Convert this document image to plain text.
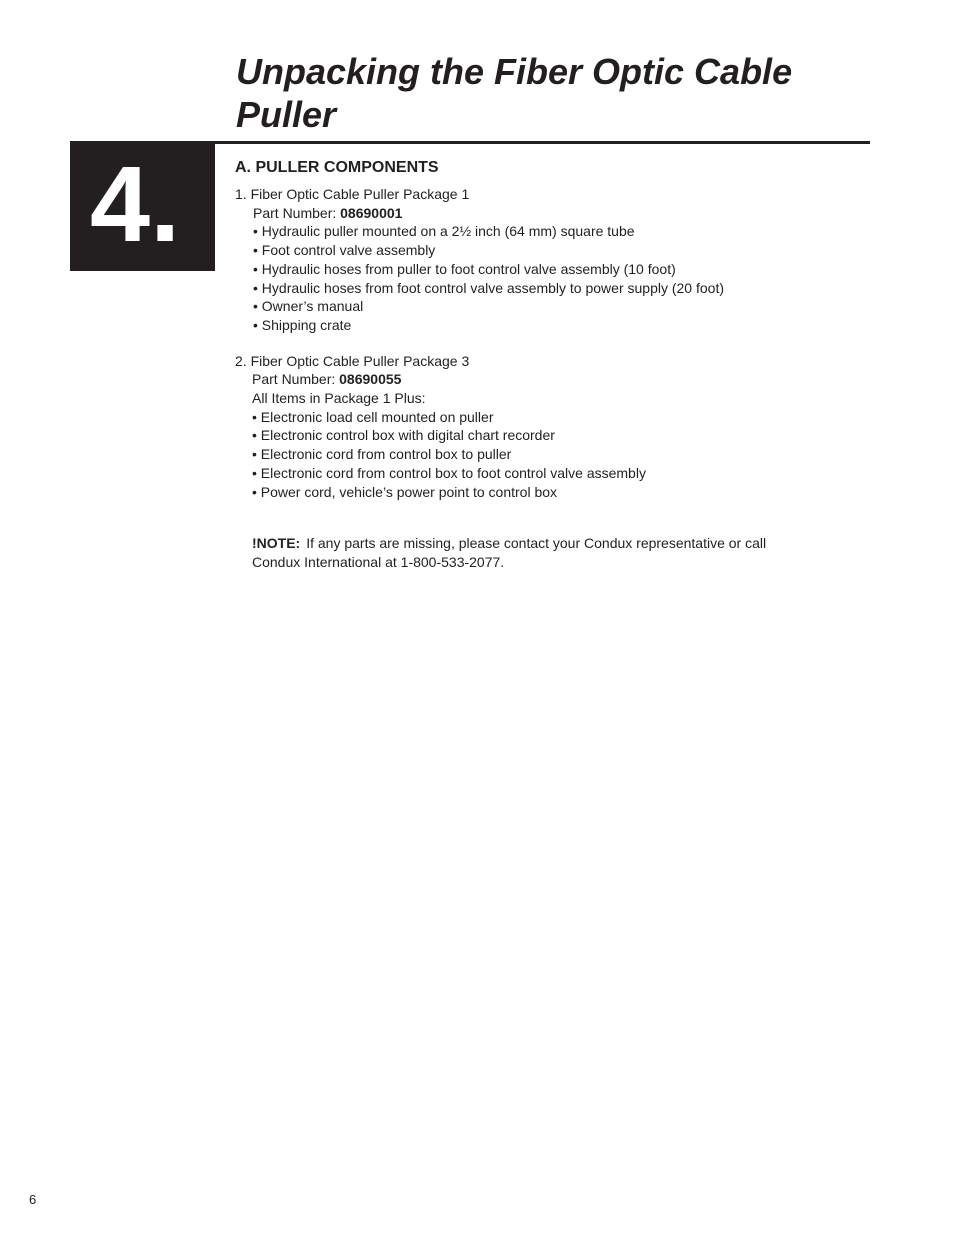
Unpacking the Fiber Optic Cable Puller
4.	A. PULLER COMPONENTS

1. Fiber Optic Cable Puller Package 1

Part Number: 08690001

• Hydraulic puller mounted on a 2½ inch (64 mm) square tube
• Foot control valve assembly
• Hydraulic hoses from puller to foot control valve assembly (10 foot)
• Hydraulic hoses from foot control valve assembly to power supply (20 foot)
• Owner’s manual
• Shipping crate

2. Fiber Optic Cable Puller Package 3

Part Number: 08690055

All Items in Package 1 Plus:

• Electronic load cell mounted on puller
• Electronic control box with digital chart recorder
• Electronic cord from control box to puller
• Electronic cord from control box to foot control valve assembly
• Power cord, vehicle’s power point to control box

!NOTE: If any parts are missing, please contact your Condux representative or call Condux International at 1-800-533-2077.

6
